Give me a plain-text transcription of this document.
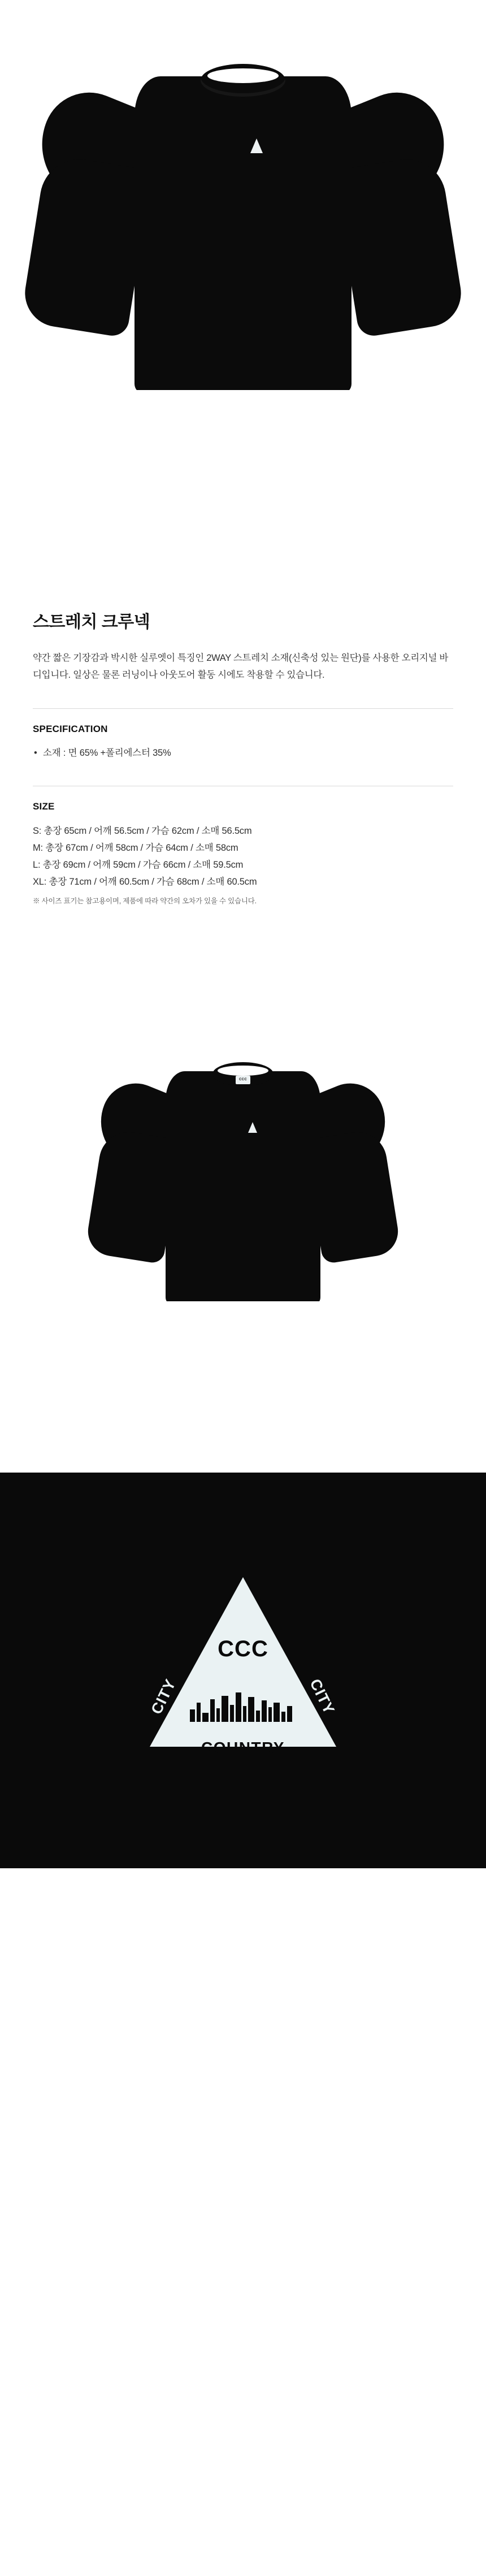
스트레치 크루넥

약간 짧은 기장감과 박시한 실루엣이 특징인 2WAY 스트레치 소재(신축성 있는 원단)를 사용한 오리지널 바디입니다. 일상은 물론 러닝이나 아웃도어 활동 시에도 착용할 수 있습니다.

SPECIFICATION
• 소재 : 면 65% +폴리에스터 35%
SIZE
S: 총장 65cm / 어깨 56.5cm / 가슴 62cm / 소매 56.5cm
M: 총장 67cm / 어깨 58cm / 가슴 64cm / 소매 58cm
L: 총장 69cm / 어깨 59cm / 가슴 66cm / 소매 59.5cm
XL: 총장 71cm / 어깨 60.5cm / 가슴 68cm / 소매 60.5cm

※ 사이즈 표기는 참고용이며, 제품에 따라 약간의 오차가 있을 수 있습니다.

CCC
CCC
CITY	CITY
COUNTRY
